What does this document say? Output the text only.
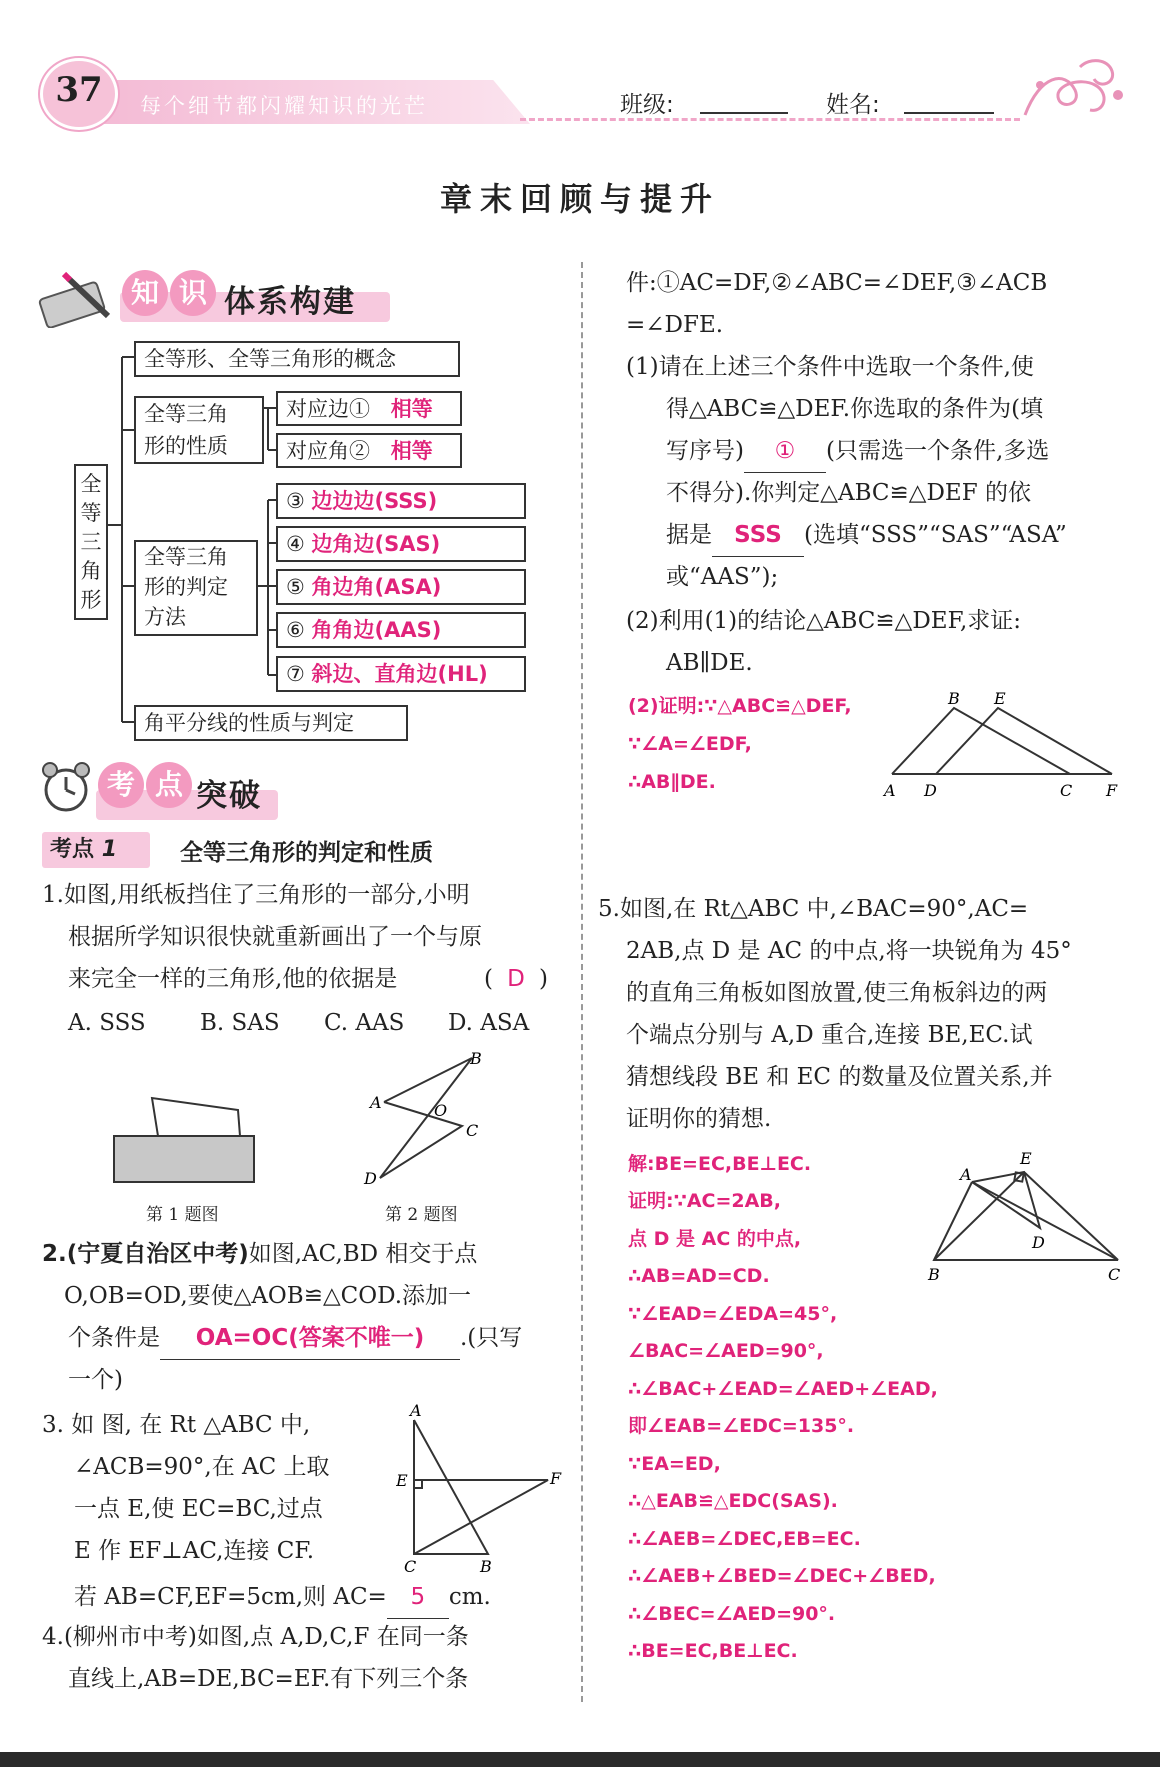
37	每个细节都闪耀知识的光芒	班级:	姓名:
章末回顾与提升
知 识 体系构建
全
等
三
角
形
全等形、全等三角形的概念
全等三角
形的性质
对应边① 相等
对应角② 相等
全等三角
形的判定
方法
③ 边边边(SSS)
④ 边角边(SAS)
⑤ 角边角(ASA)
⑥ 角角边(AAS)
⑦ 斜边、直角边(HL)
角平分线的性质与判定
考 点 突破
考点 1	全等三角形的判定和性质
1.如图,用纸板挡住了三角形的一部分,小明
根据所学知识很快就重新画出了一个与原
来完全一样的三角形,他的依据是	( D )
A. SSS B. SAS C. AAS D. ASA
第 1 题图
B
A	O
C
D
第 2 题图
2.(宁夏自治区中考)如图,AC,BD 相交于点
O,OB=OD,要使△AOB≌△COD.添加一
个条件是 OA=OC(答案不唯一) .(只写
一个)
3. 如 图, 在 Rt △ABC 中,
∠ACB=90°,在 AC 上取
一点 E,使 EC=BC,过点
E 作 EF⊥AC,连接 CF.
若 AB=CF,EF=5cm,则 AC= 5 cm.
A
E	F
C	B
4.(柳州市中考)如图,点 A,D,C,F 在同一条
直线上,AB=DE,BC=EF.有下列三个条
件:①AC=DF,②∠ABC=∠DEF,③∠ACB
=∠DFE.
(1)请在上述三个条件中选取一个条件,使
得△ABC≌△DEF.你选取的条件为(填
写序号) ① (只需选一个条件,多选
不得分).你判定△ABC≌△DEF 的依
据是 SSS (选填“SSS”“SAS”“ASA”
或“AAS”);
(2)利用(1)的结论△ABC≌△DEF,求证:
AB∥DE.
(2)证明:∵△ABC≌△DEF,
∵∠A=∠EDF,
∴AB∥DE.
B E
A D	C F
5.如图,在 Rt△ABC 中,∠BAC=90°,AC=
2AB,点 D 是 AC 的中点,将一块锐角为 45°
的直角三角板如图放置,使三角板斜边的两
个端点分别与 A,D 重合,连接 BE,EC.试
猜想线段 BE 和 EC 的数量及位置关系,并
证明你的猜想.
解:BE=EC,BE⊥EC.
证明:∵AC=2AB,
点 D 是 AC 的中点,
∴AB=AD=CD.
∵∠EAD=∠EDA=45°,
∠BAC=∠AED=90°,
∴∠BAC+∠EAD=∠AED+∠EAD,
即∠EAB=∠EDC=135°.
∵EA=ED,
∴△EAB≌△EDC(SAS).
∴∠AEB=∠DEC,EB=EC.
∴∠AEB+∠BED=∠DEC+∠BED,
∴∠BEC=∠AED=90°.
∴BE=EC,BE⊥EC.
E
A
D
B	C
